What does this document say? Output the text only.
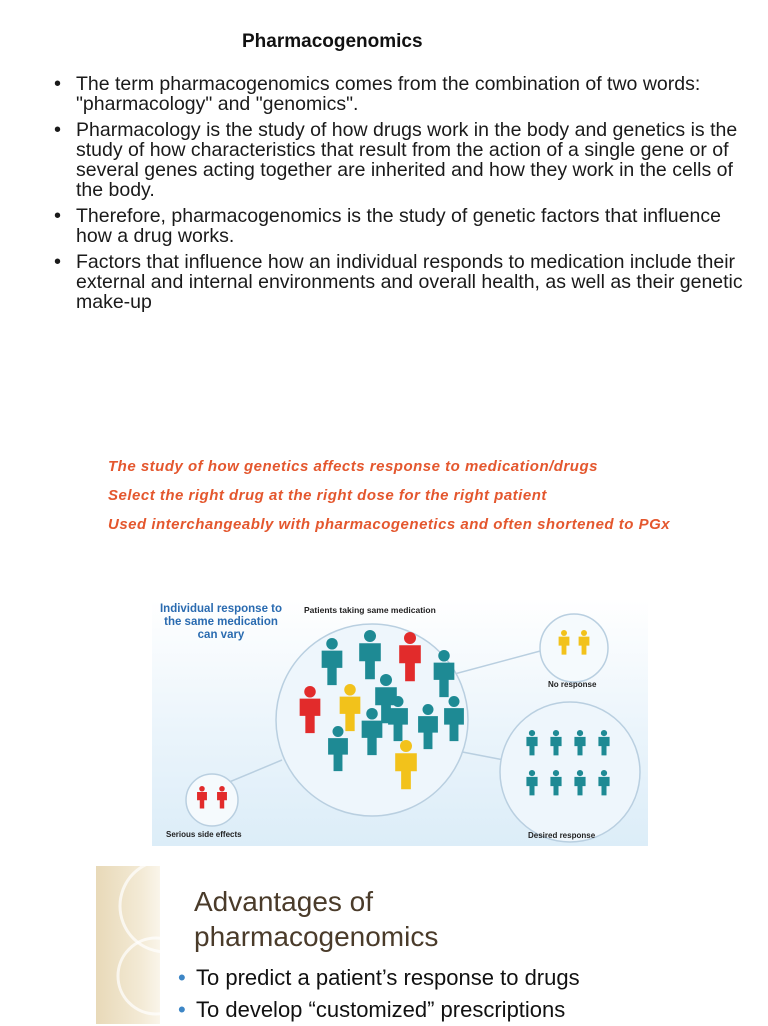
Pharmacogenomics
• The term pharmacogenomics comes from the combination of two words: "pharmacology" and "genomics".
• Pharmacology is the study of how drugs work in the body and genetics is the study of how characteristics that result from the action of a single gene or of several genes acting together are inherited and how they work in the cells of the body.
• Therefore, pharmacogenomics is the study of genetic factors that influence how a drug works.
• Factors that influence how an individual responds to medication include their external and internal environments and overall health, as well as their genetic make-up

The study of how genetics affects response to medication/drugs

Select the right drug at the right dose for the right patient

Used interchangeably with pharmacogenetics and often shortened to PGx

Individual response to the same medication can vary
Patients taking same medication
No response
Serious side effects	Desired response
Advantages of
pharmacogenomics
• To predict a patient’s response to drugs
• To develop “customized” prescriptions
